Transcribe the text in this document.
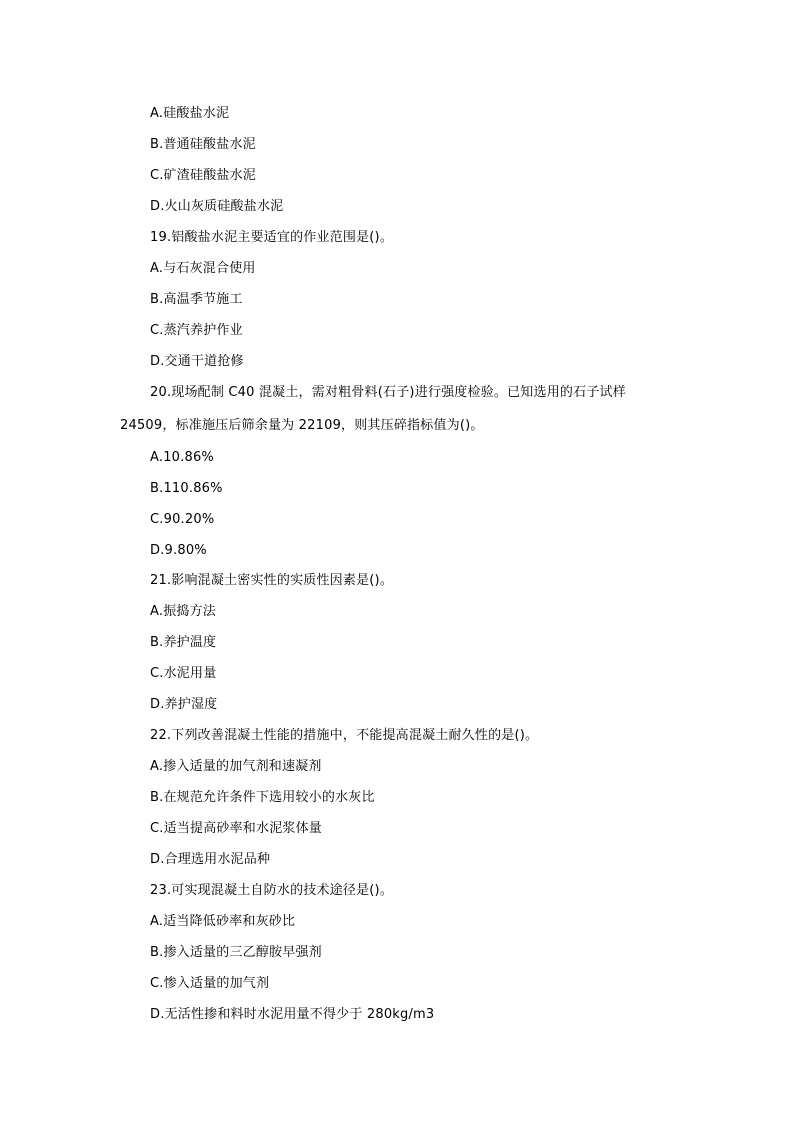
A.硅酸盐水泥
B.普通硅酸盐水泥
C.矿渣硅酸盐水泥
D.火山灰质硅酸盐水泥
19.铝酸盐水泥主要适宜的作业范围是()。
A.与石灰混合使用
B.高温季节施工
C.蒸汽养护作业
D.交通干道抢修
20.现场配制 C40 混凝土，需对粗骨料(石子)进行强度检验。已知选用的石子试样
24509，标准施压后筛余量为 22109，则其压碎指标值为()。
A.10.86%
B.110.86%
C.90.20%
D.9.80%
21.影响混凝土密实性的实质性因素是()。
A.振捣方法
B.养护温度
C.水泥用量
D.养护湿度
22.下列改善混凝土性能的措施中，不能提高混凝土耐久性的是()。
A.掺入适量的加气剂和速凝剂
B.在规范允许条件下选用较小的水灰比
C.适当提高砂率和水泥浆体量
D.合理选用水泥品种
23.可实现混凝土自防水的技术途径是()。
A.适当降低砂率和灰砂比
B.掺入适量的三乙醇胺早强剂
C.惨入适量的加气剂
D.无活性掺和料时水泥用量不得少于 280kg/m3
